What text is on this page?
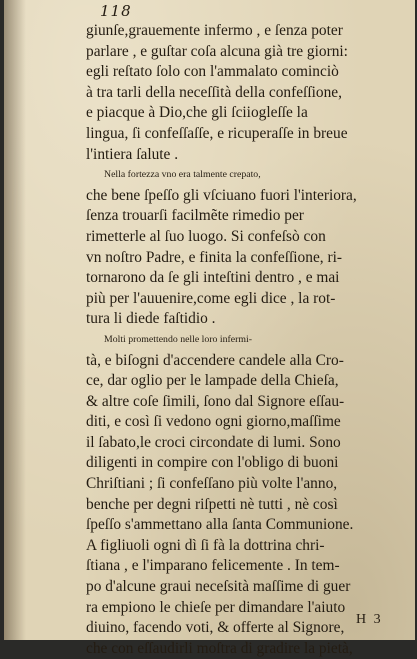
118
giunſe,grauemente infermo , e ſenza poter
parlare , e guſtar coſa alcuna già tre giorni:
egli reſtato ſolo con l'ammalato cominciò
à tra tarli della neceſſità della confeſſione,
e piacque à Dio,che gli ſciiogleſſe la
lingua, ſi confeſſaſſe, e ricuperaſſe in breue
l'intiera ſalute .
Nella fortezza vno era talmente crepato,
che bene ſpeſſo gli vſciuano fuori l'interiora,
ſenza trouarſi facilmẽte rimedio per
rimetterle al ſuo luogo. Si confeſsò con
vn noſtro Padre, e finita la confeſſione, ri-
tornarono da ſe gli inteſtini dentro , e mai
più per l'auuenire,come egli dice , la rot-
tura li diede faſtidio .
Molti promettendo nelle loro infermi-
tà, e biſogni d'accendere candele alla Cro-
ce, dar oglio per le lampade della Chieſa,
& altre coſe ſimili, ſono dal Signore eſſau-
diti, e così ſi vedono ogni giorno,maſſime
il ſabato,le croci circondate di lumi. Sono
diligenti in compire con l'obligo di buoni
Chriſtiani ; ſi confeſſano più volte l'anno,
benche per degni riſpetti nè tutti , nè così
ſpeſſo s'ammettano alla ſanta Communione.
A figliuoli ogni dì ſi fà la dottrina chri-
ſtiana , e l'imparano felicemente . In tem-
po d'alcune graui neceſsità maſſime di guer
ra empiono le chieſe per dimandare l'aiuto
diuino, facendo voti, & offerte al Signore,
che con eſſaudirli moſtra di gradire la pietà,
H 3
